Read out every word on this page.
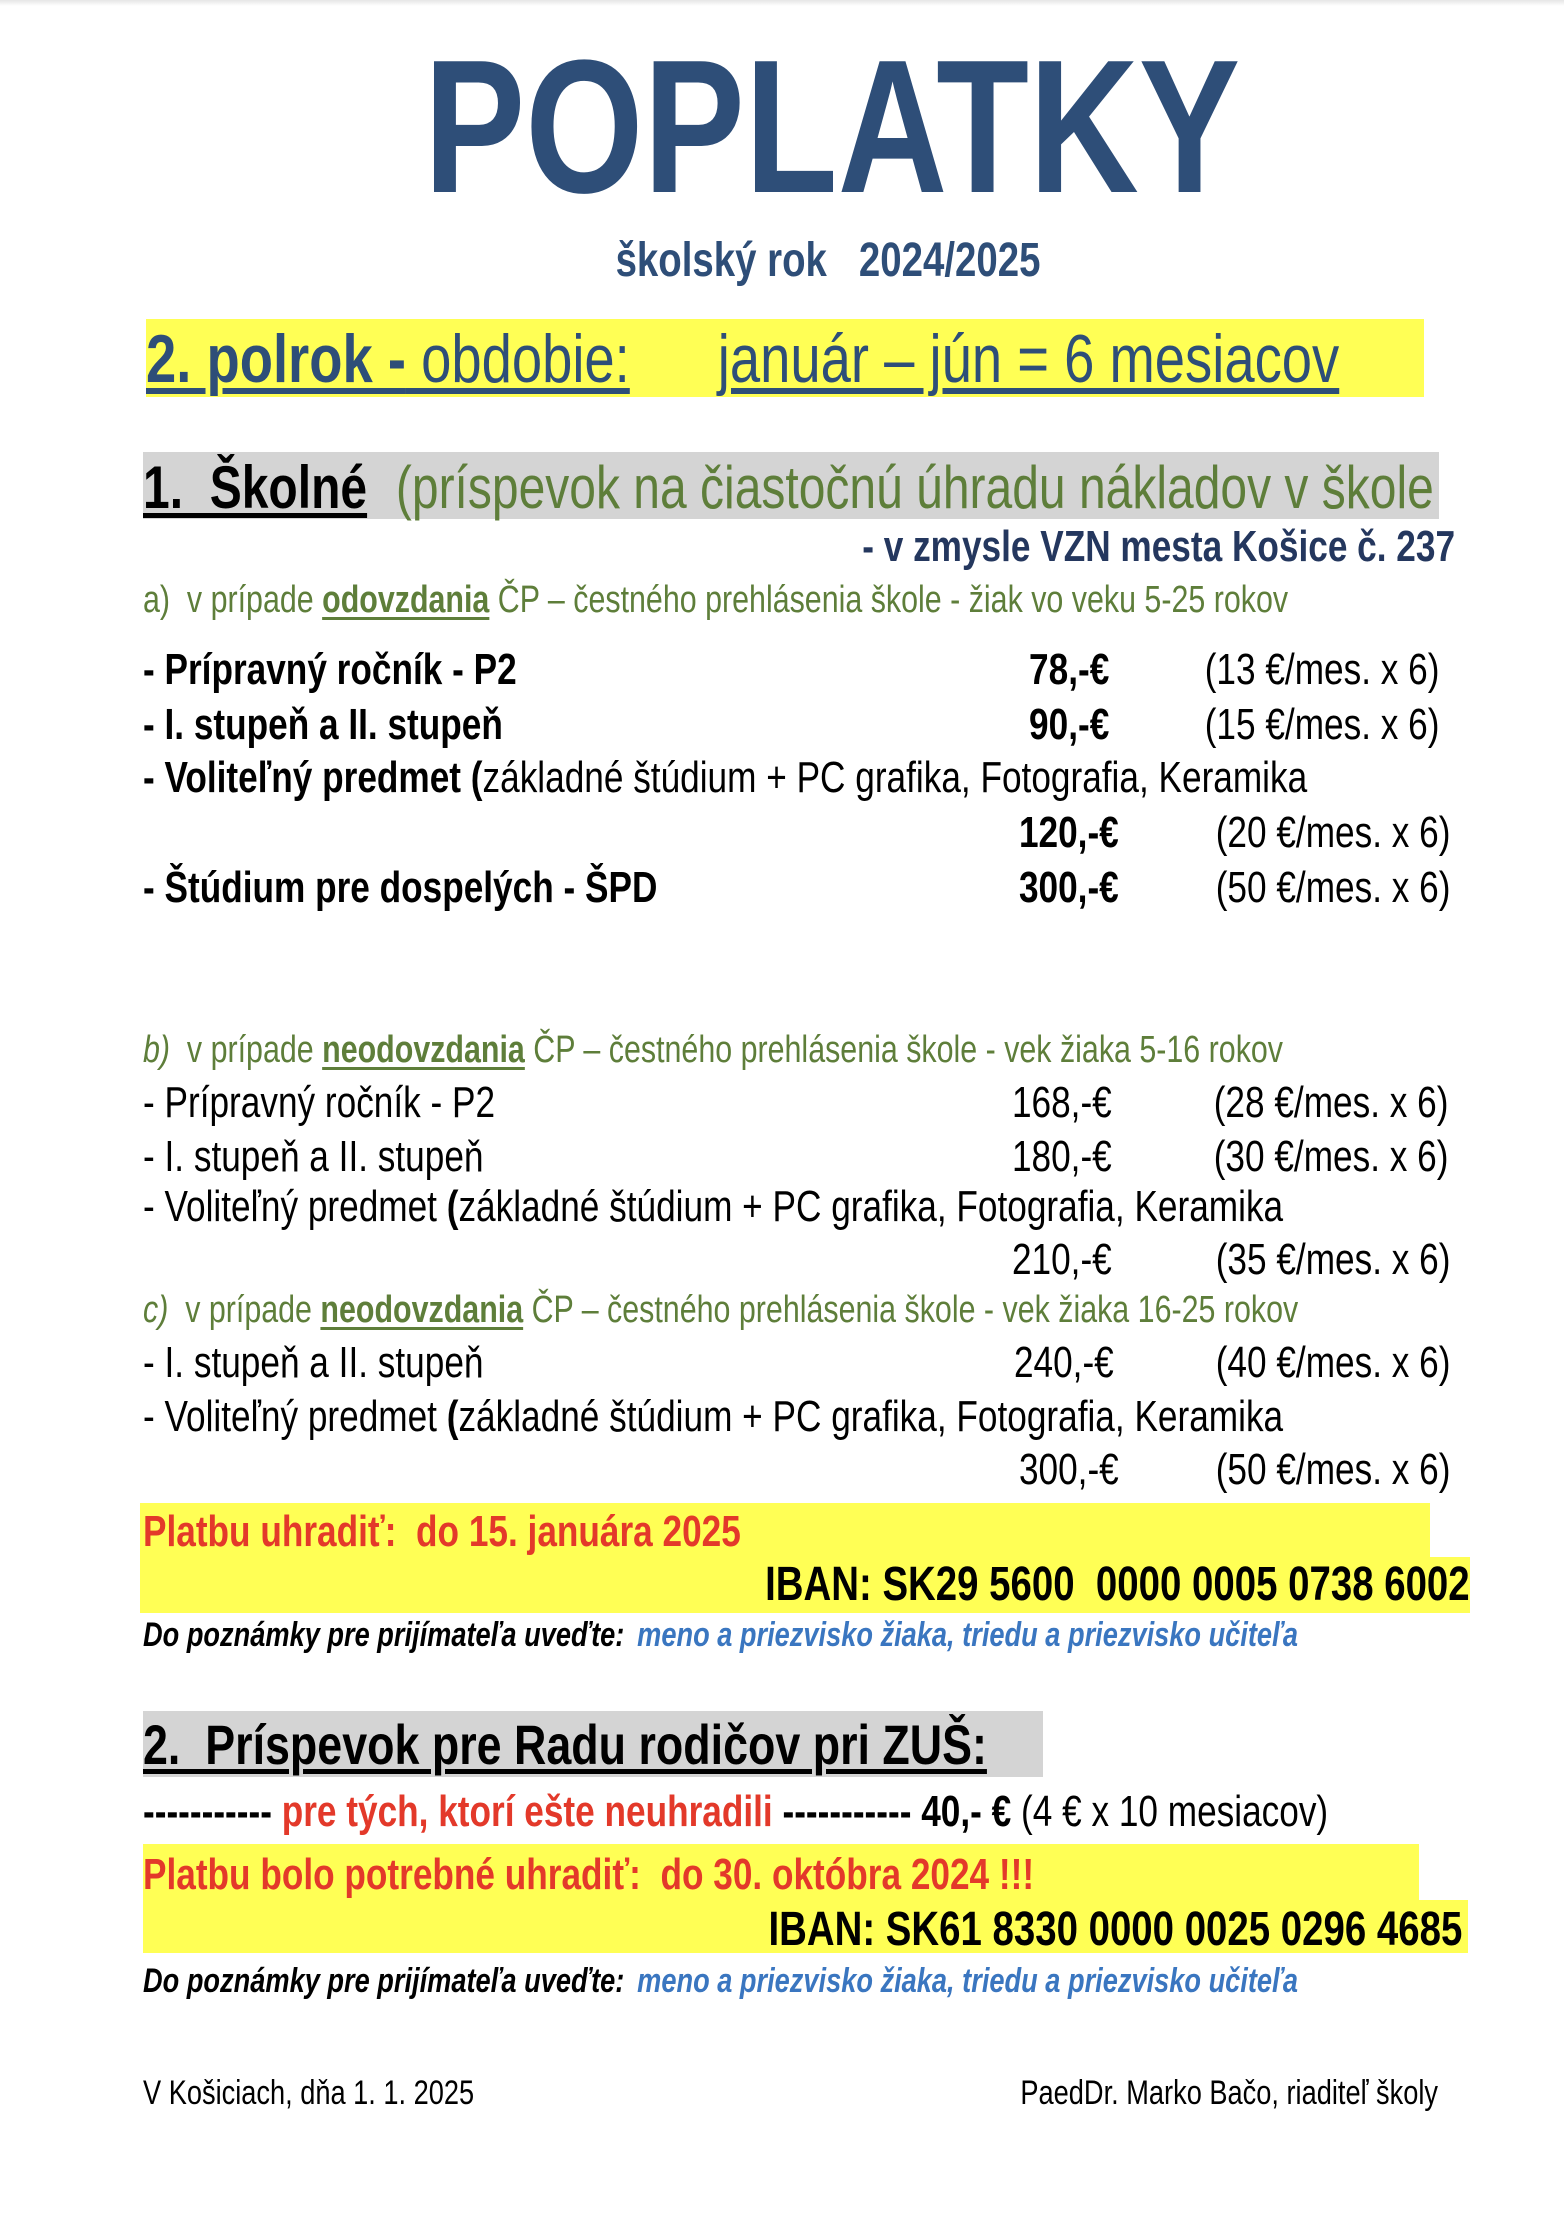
POPLATKY
školský rok   2024/2025
2. polrok - obdobie: január – jún = 6 mesiacov
1.  Školné (príspevok na čiastočnú úhradu nákladov v škole
- v zmysle VZN mesta Košice č. 237
a)  v prípade odovzdania ČP – čestného prehlásenia škole - žiak vo veku 5-25 rokov
- Prípravný ročník - P2	78,-€ (13 €/mes. x 6)
- I. stupeň a II. stupeň	90,-€ (15 €/mes. x 6)
- Voliteľný predmet (základné štúdium + PC grafika, Fotografia, Keramika
120,-€ (20 €/mes. x 6)
- Štúdium pre dospelých - ŠPD	300,-€ (50 €/mes. x 6)
b)  v prípade neodovzdania ČP – čestného prehlásenia škole - vek žiaka 5-16 rokov
- Prípravný ročník - P2	168,-€ (28 €/mes. x 6)
- I. stupeň a II. stupeň	180,-€ (30 €/mes. x 6)
- Voliteľný predmet (základné štúdium + PC grafika, Fotografia, Keramika
210,-€ (35 €/mes. x 6)
c)  v prípade neodovzdania ČP – čestného prehlásenia škole - vek žiaka 16-25 rokov
- I. stupeň a II. stupeň	240,-€ (40 €/mes. x 6)
- Voliteľný predmet (základné štúdium + PC grafika, Fotografia, Keramika
300,-€ (50 €/mes. x 6)
Platbu uhradiť:  do 15. januára 2025
IBAN: SK29 5600  0000 0005 0738 6002
Do poznámky pre prijímateľa uveďte: meno a priezvisko žiaka, triedu a priezvisko učiteľa
2.  Príspevok pre Radu rodičov pri ZUŠ:
----------- pre tých, ktorí ešte neuhradili ----------- 40,- € (4 € x 10 mesiacov)
Platbu bolo potrebné uhradiť:  do 30. októbra 2024 !!!
IBAN: SK61 8330 0000 0025 0296 4685
Do poznámky pre prijímateľa uveďte: meno a priezvisko žiaka, triedu a priezvisko učiteľa
V Košiciach, dňa 1. 1. 2025	PaedDr. Marko Bačo, riaditeľ školy
